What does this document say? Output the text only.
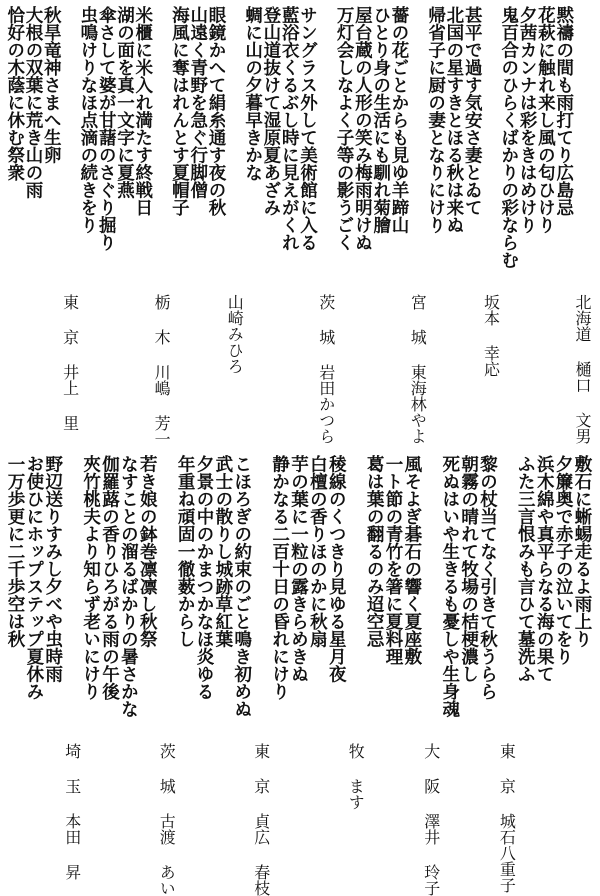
北海道 樋口 文男
黙禱の間も雨打てり広島忌
花萩に触れ来し風の匂ひけり
夕茜カンナは彩をきはめけり
鬼百合のひらくばかりの彩ならむ
坂本 幸応
甚平で過す気安さ妻とゐて
北国の星すきとほる秋は来ぬ
帰省子に厨の妻となりにけり
宮 城 東海林やよ
薔の花ごとからも見ゆ羊蹄山
ひとり身の生活にも馴れ菊膾
屋台蔵の人形の笑み梅雨明けぬ
万灯会しなよく子等の影うごく
茨 城 岩田かつら
サングラス外して美術館に入る
藍浴衣くるぶし時に見えがくれ
登山道抜けて湿原夏あざみ
蜩に山の夕暮早きかな
山崎みひろ
眼鏡かへて絹糸通す夜の秋
山遠く青野を急ぐ行脚僧
海風に奪はれんとす夏帽子
栃 木 川嶋 芳一
米櫃に米入れ満たす終戦日
湖の面を真一文字に夏燕
傘さして婆が甘藷のさぐり掘り
虫鳴けりなほ点滴の続きをり
東 京 井上 里
秋旱竜神さまへ生卵
大根の双葉に荒き山の雨
恰好の木蔭に休む祭衆
敷石に蜥蜴走るよ雨上り
夕簾奥で赤子の泣いてをり
浜木綿や真平らなる海の果て
ふた三言恨みも言ひて墓洗ふ
東 京 城石八重子
黎の杖当てなく引きて秋うらら
朝霧の晴れて牧場の桔梗濃し
死ぬはいや生きるも憂しや生身魂
大 阪 澤井 玲子
風そよぎ碁石の響く夏座敷
一ト節の青竹を箸に夏料理
葛は葉の翻るのみ迢空忌
牧 ます
稜線のくつきり見ゆる星月夜
白檀の香りほのかに秋扇
芋の葉に一粒の露きらめきぬ
静かなる二百十日の昏れにけり
東 京 貞広 春枝
こほろぎの約束のごと鳴き初めぬ
武士の散りし城跡草紅葉
夕景の中のかまつかなほ炎ゆる
年重ね頑固一徹薮からし
茨 城 古渡 あい
若き娘の鉢巻凛凛し秋祭
なすことの溜るばかりの暑さかな
伽羅蕗の香りひろがる雨の午後
夾竹桃夫より知らず老いにけり
埼 玉 本田 昇
野辺送りすみし夕べや虫時雨
お使ひにホップステップ夏休み
一万歩更に二千歩空は秋
